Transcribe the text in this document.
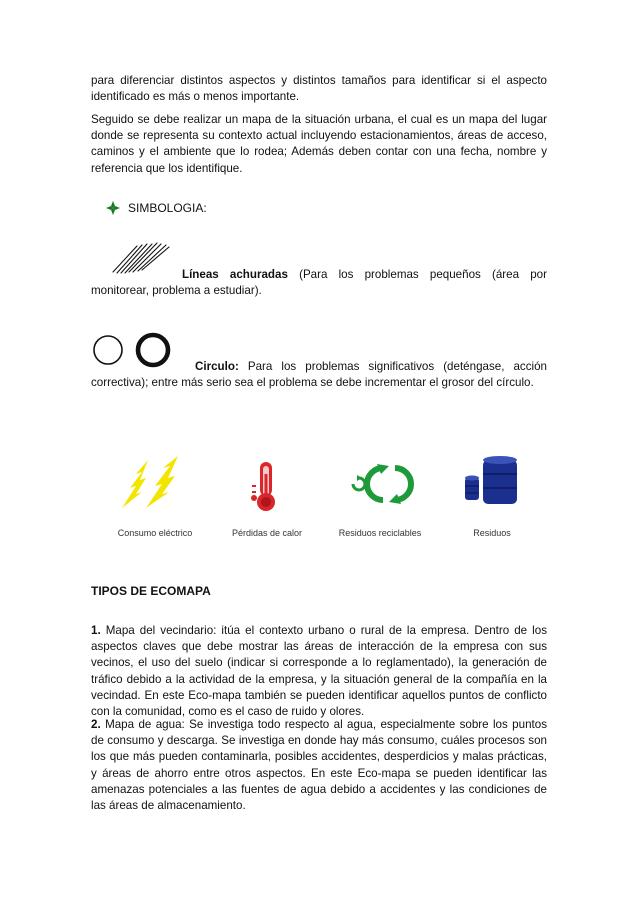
para diferenciar distintos aspectos y distintos tamaños para identificar si el aspecto identificado es más o menos importante.
Seguido se debe realizar un mapa de la situación urbana, el cual es un mapa del lugar donde se representa su contexto actual incluyendo estacionamientos, áreas de acceso, caminos y el ambiente que lo rodea; Además deben contar con una fecha, nombre y referencia que los identifique.
SIMBOLOGIA:
Líneas achuradas (Para los problemas pequeños (área por monitorear, problema a estudiar).
Circulo: Para los problemas significativos (deténgase, acción correctiva); entre más serio sea el problema se debe incrementar el grosor del círculo.
Consumo eléctrico	Pérdidas de calor	Residuos reciclables	Residuos
TIPOS DE ECOMAPA
1. Mapa del vecindario: itúa el contexto urbano o rural de la empresa. Dentro de los aspectos claves que debe mostrar las áreas de interacción de la empresa con sus vecinos, el uso del suelo (indicar si corresponde a lo reglamentado), la generación de tráfico debido a la actividad de la empresa, y la situación general de la compañía en la vecindad. En este Eco-mapa también se pueden identificar aquellos puntos de conflicto con la comunidad, como es el caso de ruido y olores.
2. Mapa de agua: Se investiga todo respecto al agua, especialmente sobre los puntos de consumo y descarga. Se investiga en donde hay más consumo, cuáles procesos son los que más pueden contaminarla, posibles accidentes, desperdicios y malas prácticas, y áreas de ahorro entre otros aspectos. En este Eco-mapa se pueden identificar las amenazas potenciales a las fuentes de agua debido a accidentes y las condiciones de las áreas de almacenamiento.
